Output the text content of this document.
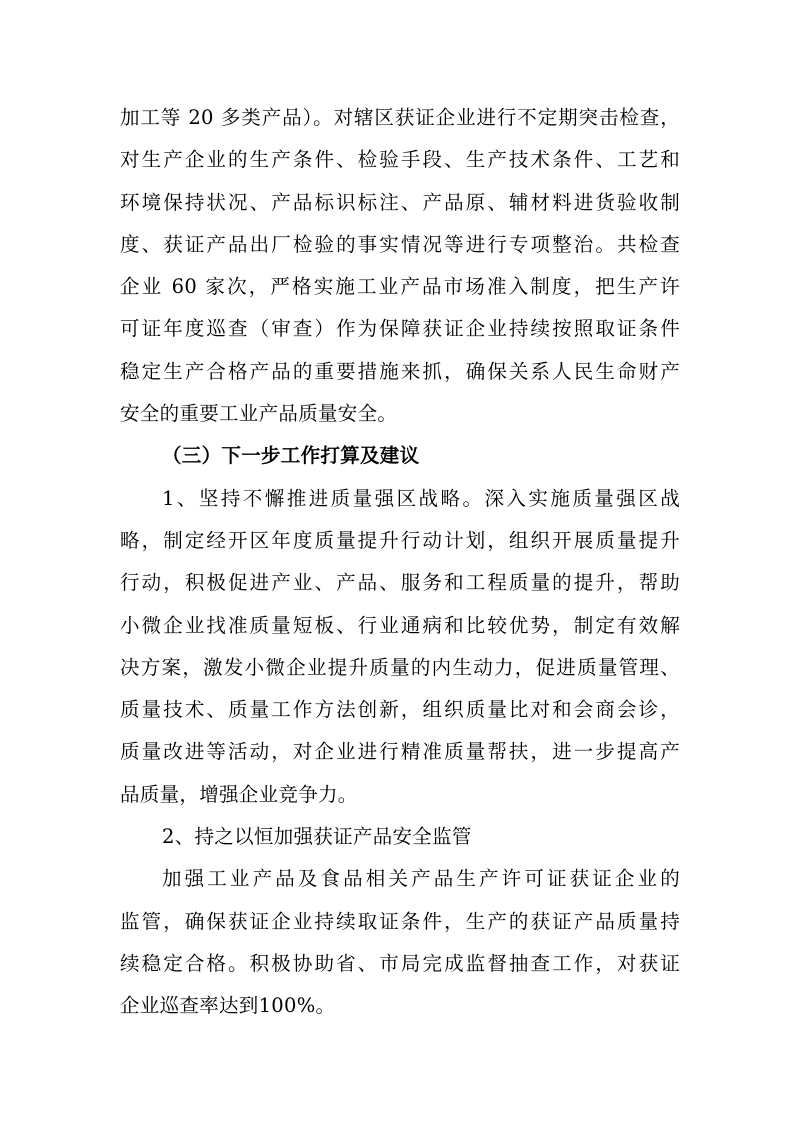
加工等 20 多类产品）。对辖区获证企业进行不定期突击检查，
对生产企业的生产条件、检验手段、生产技术条件、工艺和
环境保持状况、产品标识标注、产品原、辅材料进货验收制
度、获证产品出厂检验的事实情况等进行专项整治。共检查
企业 60 家次，严格实施工业产品市场准入制度，把生产许
可证年度巡查（审查）作为保障获证企业持续按照取证条件
稳定生产合格产品的重要措施来抓，确保关系人民生命财产
安全的重要工业产品质量安全。
（三）下一步工作打算及建议
1、坚持不懈推进质量强区战略。深入实施质量强区战
略，制定经开区年度质量提升行动计划，组织开展质量提升
行动，积极促进产业、产品、服务和工程质量的提升，帮助
小微企业找准质量短板、行业通病和比较优势，制定有效解
决方案，激发小微企业提升质量的内生动力，促进质量管理、
质量技术、质量工作方法创新，组织质量比对和会商会诊，
质量改进等活动，对企业进行精准质量帮扶，进一步提高产
品质量，增强企业竞争力。
2、持之以恒加强获证产品安全监管
加强工业产品及食品相关产品生产许可证获证企业的
监管，确保获证企业持续取证条件，生产的获证产品质量持
续稳定合格。积极协助省、市局完成监督抽查工作，对获证
企业巡查率达到100%。
